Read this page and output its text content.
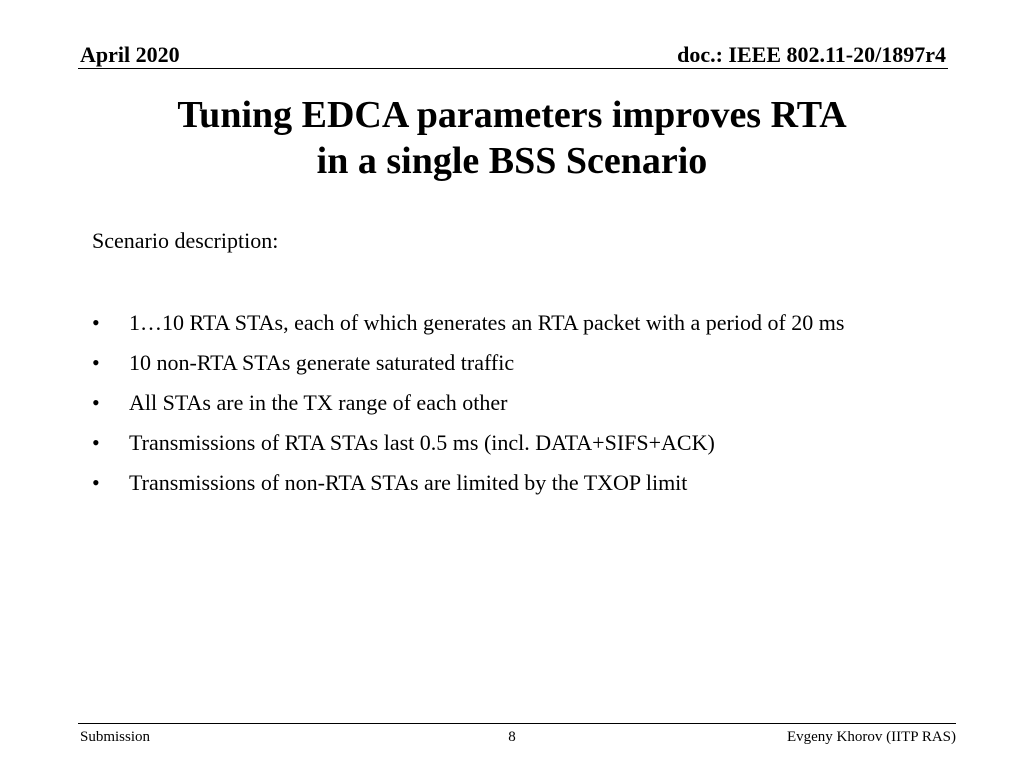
April 2020	doc.: IEEE 802.11-20/1897r4
Tuning EDCA parameters improves RTA
in a single BSS Scenario
Scenario description:
• 1…10 RTA STAs, each of which generates an RTA packet with a period of 20 ms
• 10 non-RTA STAs generate saturated traffic
• All STAs are in the TX range of each other
• Transmissions of RTA STAs last 0.5 ms (incl. DATA+SIFS+ACK)
• Transmissions of non-RTA STAs are limited by the TXOP limit
Submission	8	Evgeny Khorov (IITP RAS)
